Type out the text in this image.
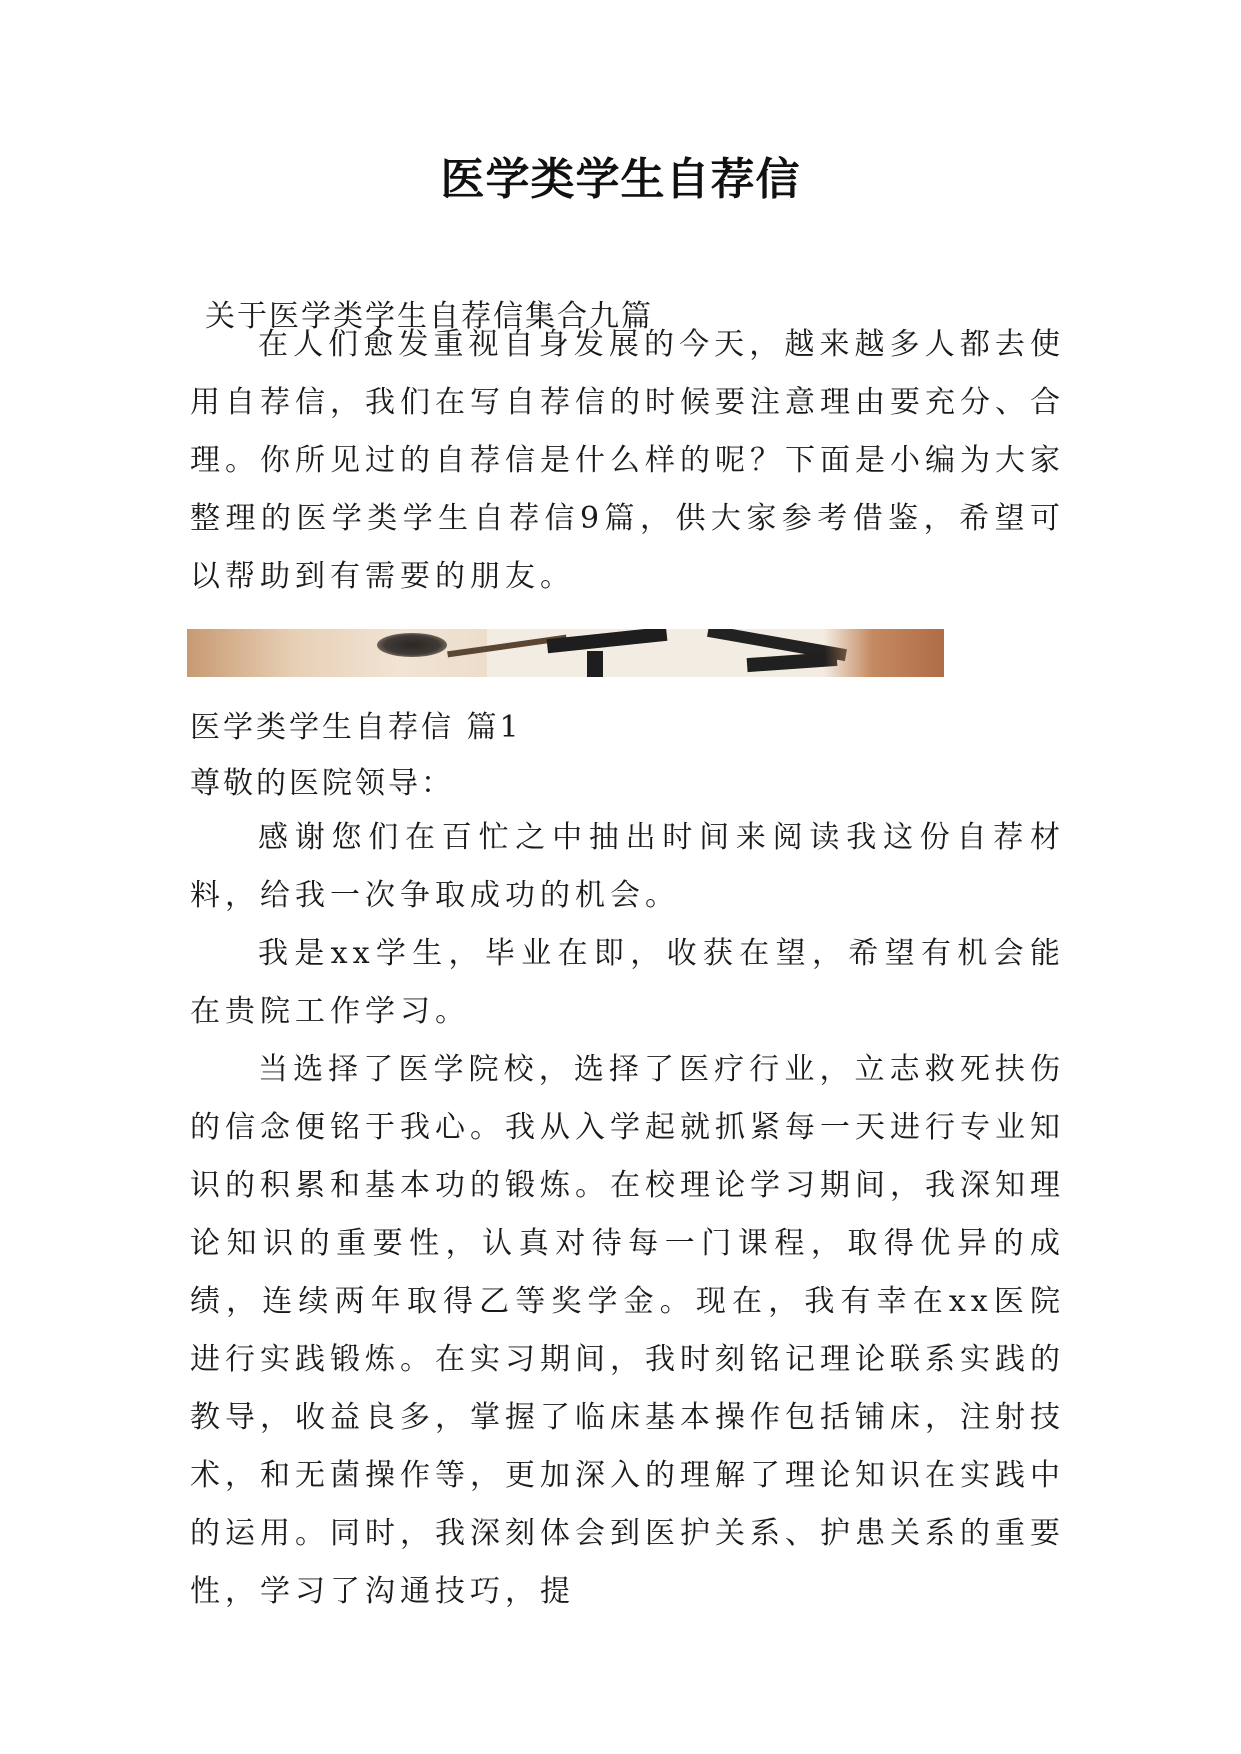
医学类学生自荐信
关于医学类学生自荐信集合九篇
在人们愈发重视自身发展的今天，越来越多人都去使用自荐信，我们在写自荐信的时候要注意理由要充分、合理。你所见过的自荐信是什么样的呢？下面是小编为大家整理的医学类学生自荐信9篇，供大家参考借鉴，希望可以帮助到有需要的朋友。
医学类学生自荐信 篇1
尊敬的医院领导：
感谢您们在百忙之中抽出时间来阅读我这份自荐材料，给我一次争取成功的机会。
我是xx学生，毕业在即，收获在望，希望有机会能在贵院工作学习。
当选择了医学院校，选择了医疗行业，立志救死扶伤的信念便铭于我心。我从入学起就抓紧每一天进行专业知识的积累和基本功的锻炼。在校理论学习期间，我深知理论知识的重要性，认真对待每一门课程，取得优异的成绩，连续两年取得乙等奖学金。现在，我有幸在xx医院进行实践锻炼。在实习期间，我时刻铭记理论联系实践的教导，收益良多，掌握了临床基本操作包括铺床，注射技术，和无菌操作等，更加深入的理解了理论知识在实践中的运用。同时，我深刻体会到医护关系、护患关系的重要性，学习了沟通技巧，提
